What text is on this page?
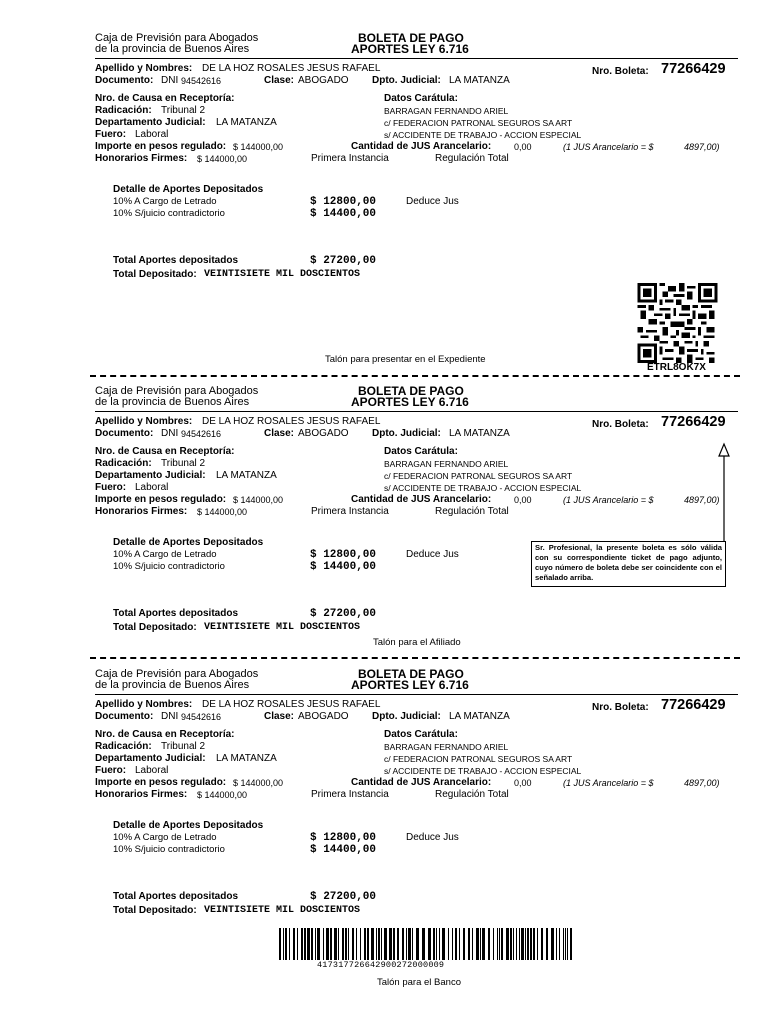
Caja de Previsión para Abogados
de la provincia de Buenos Aires
BOLETA DE PAGO
APORTES LEY 6.716
Apellido y Nombres: DE LA HOZ ROSALES JESUS RAFAEL
Documento: DNI 94542616	Clase: ABOGADO Dpto. Judicial: LA MATANZA
Nro. Boleta: 77266429
Nro. de Causa en Receptoría:
Radicación: Tribunal 2
Departamento Judicial: LA MATANZA
Fuero: Laboral
Importe en pesos regulado: $ 144000,00
Honorarios Firmes: $ 144000,00	Primera Instancia	Regulación Total
Datos Carátula:
BARRAGAN FERNANDO ARIEL
c/ FEDERACION PATRONAL SEGUROS SA ART
s/ ACCIDENTE DE TRABAJO - ACCION ESPECIAL
Cantidad de JUS Arancelario:	0,00	(1 JUS Arancelario = $	4897,00)
Detalle de Aportes Depositados
10% A Cargo de Letrado	$ 12800,00	Deduce Jus
10% S/juicio contradictorio	$ 14400,00
Total Aportes depositados	$ 27200,00
Total Depositado: VEINTISIETE MIL DOSCIENTOS
Caja de Previsión para Abogados
de la provincia de Buenos Aires
BOLETA DE PAGO
APORTES LEY 6.716
Apellido y Nombres: DE LA HOZ ROSALES JESUS RAFAEL
Documento: DNI 94542616	Clase: ABOGADO Dpto. Judicial: LA MATANZA
Nro. Boleta: 77266429
Nro. de Causa en Receptoría:
Radicación: Tribunal 2
Departamento Judicial: LA MATANZA
Fuero: Laboral
Importe en pesos regulado: $ 144000,00
Honorarios Firmes: $ 144000,00	Primera Instancia	Regulación Total
Datos Carátula:
BARRAGAN FERNANDO ARIEL
c/ FEDERACION PATRONAL SEGUROS SA ART
s/ ACCIDENTE DE TRABAJO - ACCION ESPECIAL
Cantidad de JUS Arancelario:	0,00	(1 JUS Arancelario = $	4897,00)
Detalle de Aportes Depositados
10% A Cargo de Letrado	$ 12800,00	Deduce Jus
10% S/juicio contradictorio	$ 14400,00
Total Aportes depositados	$ 27200,00
Total Depositado: VEINTISIETE MIL DOSCIENTOS
Caja de Previsión para Abogados
de la provincia de Buenos Aires
BOLETA DE PAGO
APORTES LEY 6.716
Apellido y Nombres: DE LA HOZ ROSALES JESUS RAFAEL
Documento: DNI 94542616	Clase: ABOGADO Dpto. Judicial: LA MATANZA
Nro. Boleta: 77266429
Nro. de Causa en Receptoría:
Radicación: Tribunal 2
Departamento Judicial: LA MATANZA
Fuero: Laboral
Importe en pesos regulado: $ 144000,00
Honorarios Firmes: $ 144000,00	Primera Instancia	Regulación Total
Datos Carátula:
BARRAGAN FERNANDO ARIEL
c/ FEDERACION PATRONAL SEGUROS SA ART
s/ ACCIDENTE DE TRABAJO - ACCION ESPECIAL
Cantidad de JUS Arancelario:	0,00	(1 JUS Arancelario = $	4897,00)
Detalle de Aportes Depositados
10% A Cargo de Letrado	$ 12800,00	Deduce Jus
10% S/juicio contradictorio	$ 14400,00
Total Aportes depositados	$ 27200,00
Total Depositado: VEINTISIETE MIL DOSCIENTOS
Talón para presentar en el Expediente
ETRL8OK7X
Sr. Profesional, la presente boleta es sólo válida con su correspondiente ticket de pago adjunto, cuyo número de boleta debe ser coincidente con el señalado arriba.
Talón para el Afiliado
41731772664290027200000​9
Talón para el Banco
